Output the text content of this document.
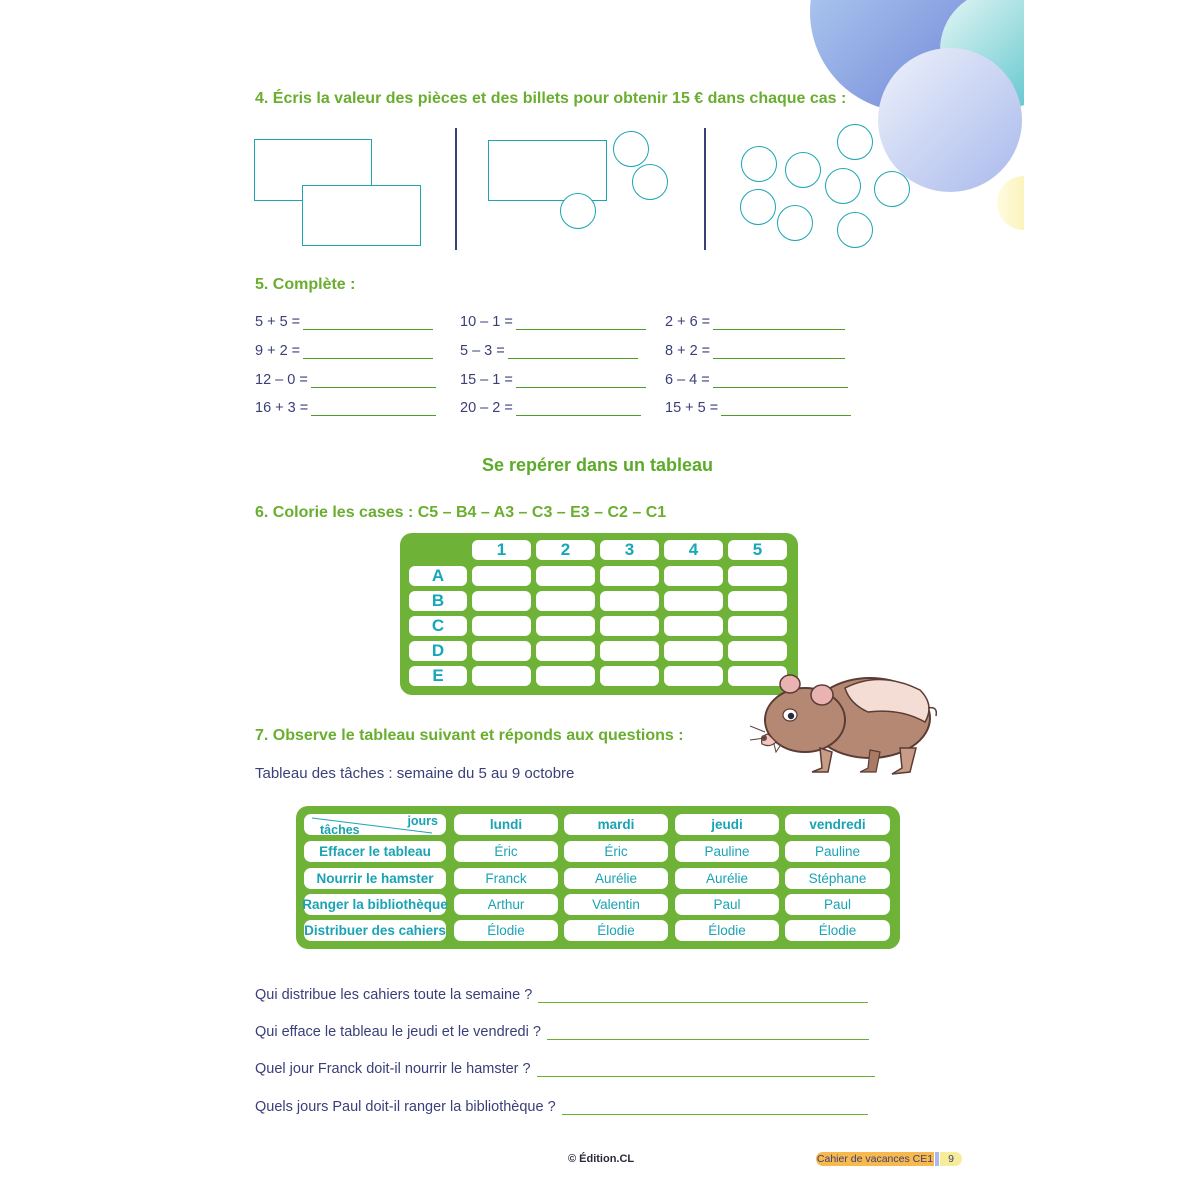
4. Écris la valeur des pièces et des billets pour obtenir 15 € dans chaque cas :
5. Complète :
5 + 5 =
9 + 2 =
12 – 0 =
16 + 3 =
10 – 1 =
5 – 3 =
15 – 1 =
20 – 2 =
2 + 6 =
8 + 2 =
6 – 4 =
15 + 5 =
Se repérer dans un tableau
6. Colorie les cases : C5 – B4 – A3 – C3 – E3 – C2 – C1
1	2	3	4	5
A
B
C
D
E
7. Observe le tableau suivant et réponds aux questions :
Tableau des tâches : semaine du 5 au 9 octobre
jours
tâches	lundi	mardi	jeudi	vendredi
Effacer le tableau	Éric	Éric	Pauline	Pauline
Nourrir le hamster	Franck	Aurélie	Aurélie	Stéphane
Ranger la bibliothèque	Arthur	Valentin	Paul	Paul
Distribuer des cahiers	Élodie	Élodie	Élodie	Élodie
Qui distribue les cahiers toute la semaine ?
Qui efface le tableau le jeudi et le vendredi ?
Quel jour Franck doit-il nourrir le hamster ?
Quels jours Paul doit-il ranger la bibliothèque ?
© Édition.CL	Cahier de vacances CE1	9
